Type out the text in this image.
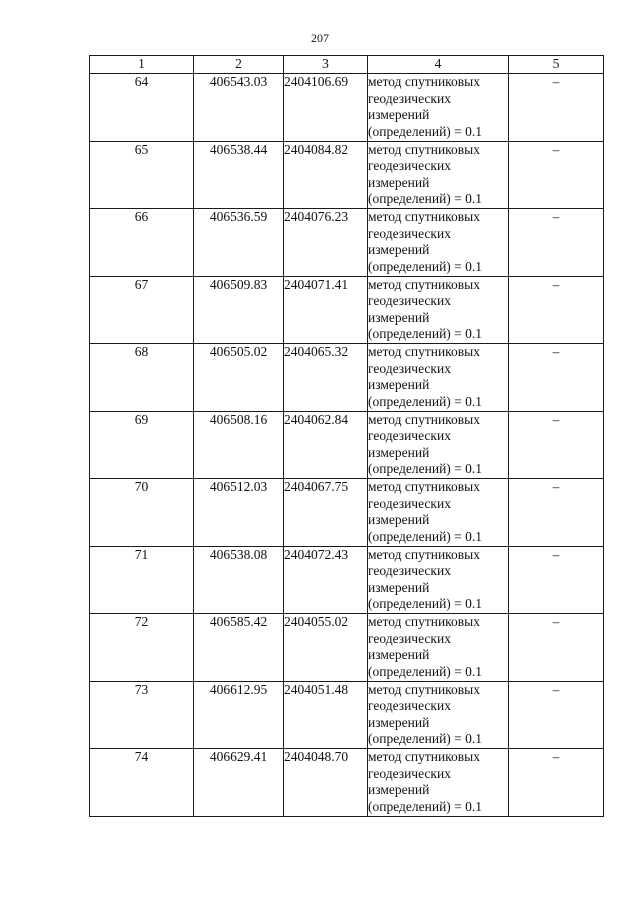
207
1	2	3	4	5
64	406543.03	2404106.69	метод спутниковых
геодезических
измерений
(определений) = 0.1	–
65	406538.44	2404084.82	метод спутниковых
геодезических
измерений
(определений) = 0.1	–
66	406536.59	2404076.23	метод спутниковых
геодезических
измерений
(определений) = 0.1	–
67	406509.83	2404071.41	метод спутниковых
геодезических
измерений
(определений) = 0.1	–
68	406505.02	2404065.32	метод спутниковых
геодезических
измерений
(определений) = 0.1	–
69	406508.16	2404062.84	метод спутниковых
геодезических
измерений
(определений) = 0.1	–
70	406512.03	2404067.75	метод спутниковых
геодезических
измерений
(определений) = 0.1	–
71	406538.08	2404072.43	метод спутниковых
геодезических
измерений
(определений) = 0.1	–
72	406585.42	2404055.02	метод спутниковых
геодезических
измерений
(определений) = 0.1	–
73	406612.95	2404051.48	метод спутниковых
геодезических
измерений
(определений) = 0.1	–
74	406629.41	2404048.70	метод спутниковых
геодезических
измерений
(определений) = 0.1	–
